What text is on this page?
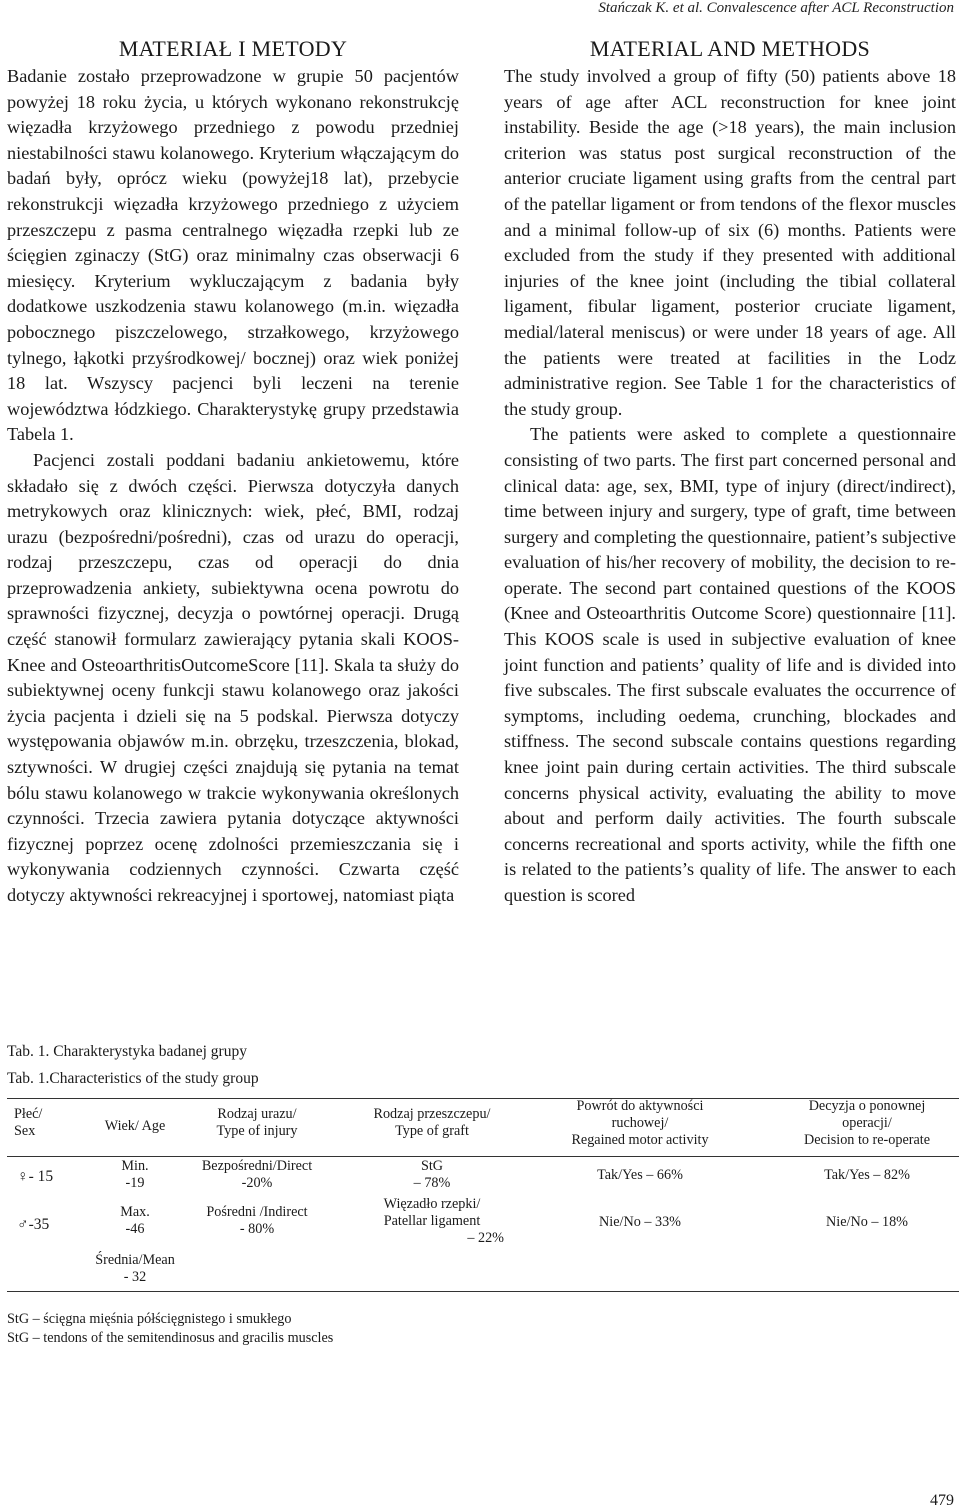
Stańczak K. et al. Convalescence after ACL Reconstruction
MATERIAŁ I METODY

Badanie zostało przeprowadzone w grupie 50 pacjentów powyżej 18 roku życia, u których wykonano rekonstrukcję więzadła krzyżowego przedniego z powodu przedniej niestabilności stawu kolanowego. Kryterium włączającym do badań były, oprócz wieku (powyżej18 lat), przebycie rekonstrukcji więzadła krzyżowego przedniego z użyciem przeszczepu z pasma centralnego więzadła rzepki lub ze ścięgien zginaczy (StG) oraz minimalny czas obserwacji 6 miesięcy. Kryterium wykluczającym z badania były dodatkowe uszkodzenia stawu kolanowego (m.in. więzadła pobocznego piszczelowego, strzałkowego, krzyżowego tylnego, łąkotki przyśrodkowej/ bocznej) oraz wiek poniżej 18 lat. Wszyscy pacjenci byli leczeni na terenie województwa łódzkiego. Charakterystykę grupy przedstawia Tabela 1.

Pacjenci zostali poddani badaniu ankietowemu, które składało się z dwóch części. Pierwsza dotyczyła danych metrykowych oraz klinicznych: wiek, płeć, BMI, rodzaj urazu (bezpośredni/pośredni), czas od urazu do operacji, rodzaj przeszczepu, czas od operacji do dnia przeprowadzenia ankiety, subiektywna ocena powrotu do sprawności fizycznej, decyzja o powtórnej operacji. Drugą część stanowił formularz zawierający pytania skali KOOS-Knee and OsteoarthritisOutcomeScore [11]. Skala ta służy do subiektywnej oceny funkcji stawu kolanowego oraz jakości życia pacjenta i dzieli się na 5 podskal. Pierwsza dotyczy występowania objawów m.in. obrzęku, trzeszczenia, blokad, sztywności. W drugiej części znajdują się pytania na temat bólu stawu kolanowego w trakcie wykonywania określonych czynności. Trzecia zawiera pytania dotyczące aktywności fizycznej poprzez ocenę zdolności przemieszczania się i wykonywania codziennych czynności. Czwarta część dotyczy aktywności rekreacyjnej i sportowej, natomiast piąta

MATERIAL AND METHODS

The study involved a group of fifty (50) patients above 18 years of age after ACL reconstruction for knee joint instability. Beside the age (>18 years), the main inclusion criterion was status post surgical reconstruction of the anterior cruciate ligament using grafts from the central part of the patellar ligament or from tendons of the flexor muscles and a minimal follow-up of six (6) months. Patients were excluded from the study if they presented with additional injuries of the knee joint (including the tibial collateral ligament, fibular ligament, posterior cruciate ligament, medial/lateral meniscus) or were under 18 years of age. All the patients were treated at facilities in the Lodz administrative region. See Table 1 for the characteristics of the study group.

The patients were asked to complete a questionnaire consisting of two parts. The first part concerned personal and clinical data: age, sex, BMI, type of injury (direct/indirect), time between injury and surgery, type of graft, time between surgery and completing the questionnaire, patient’s subjective evaluation of his/her recovery of mobility, the decision to re-operate. The second part contained questions of the KOOS (Knee and Osteoarthritis Outcome Score) questionnaire [11]. This KOOS scale is used in subjective evaluation of knee joint function and patients’ quality of life and is divided into five subscales. The first subscale evaluates the occurrence of symptoms, including oedema, crunching, blockades and stiffness. The second subscale contains questions regarding knee joint pain during certain activities. The third subscale concerns physical activity, evaluating the ability to move about and perform daily activities. The fourth subscale concerns recreational and sports activity, while the fifth one is related to the patients’s quality of life. The answer to each question is scored

Tab. 1. Charakterystyka badanej grupy
Tab. 1.Characteristics of the study group
Płeć/
Sex	Wiek/ Age
Rodzaj urazu/
Type of injury
Rodzaj przeszczepu/
Type of graft
Powrót do aktywności
ruchowej/
Regained motor activity
Decyzja o ponownej
operacji/
Decision to re-operate
♀- 15
♂-35
Min.
-19
Max.
-46
Średnia/Mean
- 32
Bezpośredni/Direct
-20%
Pośredni /Indirect
- 80%
StG
– 78%
Więzadło rzepki/
Patellar ligament
– 22%
Tak/Yes – 66%
Nie/No – 33%
Tak/Yes – 82%
Nie/No – 18%
StG – ścięgna mięśnia półścięgnistego i smukłego
StG – tendons of the semitendinosus and gracilis muscles
479
